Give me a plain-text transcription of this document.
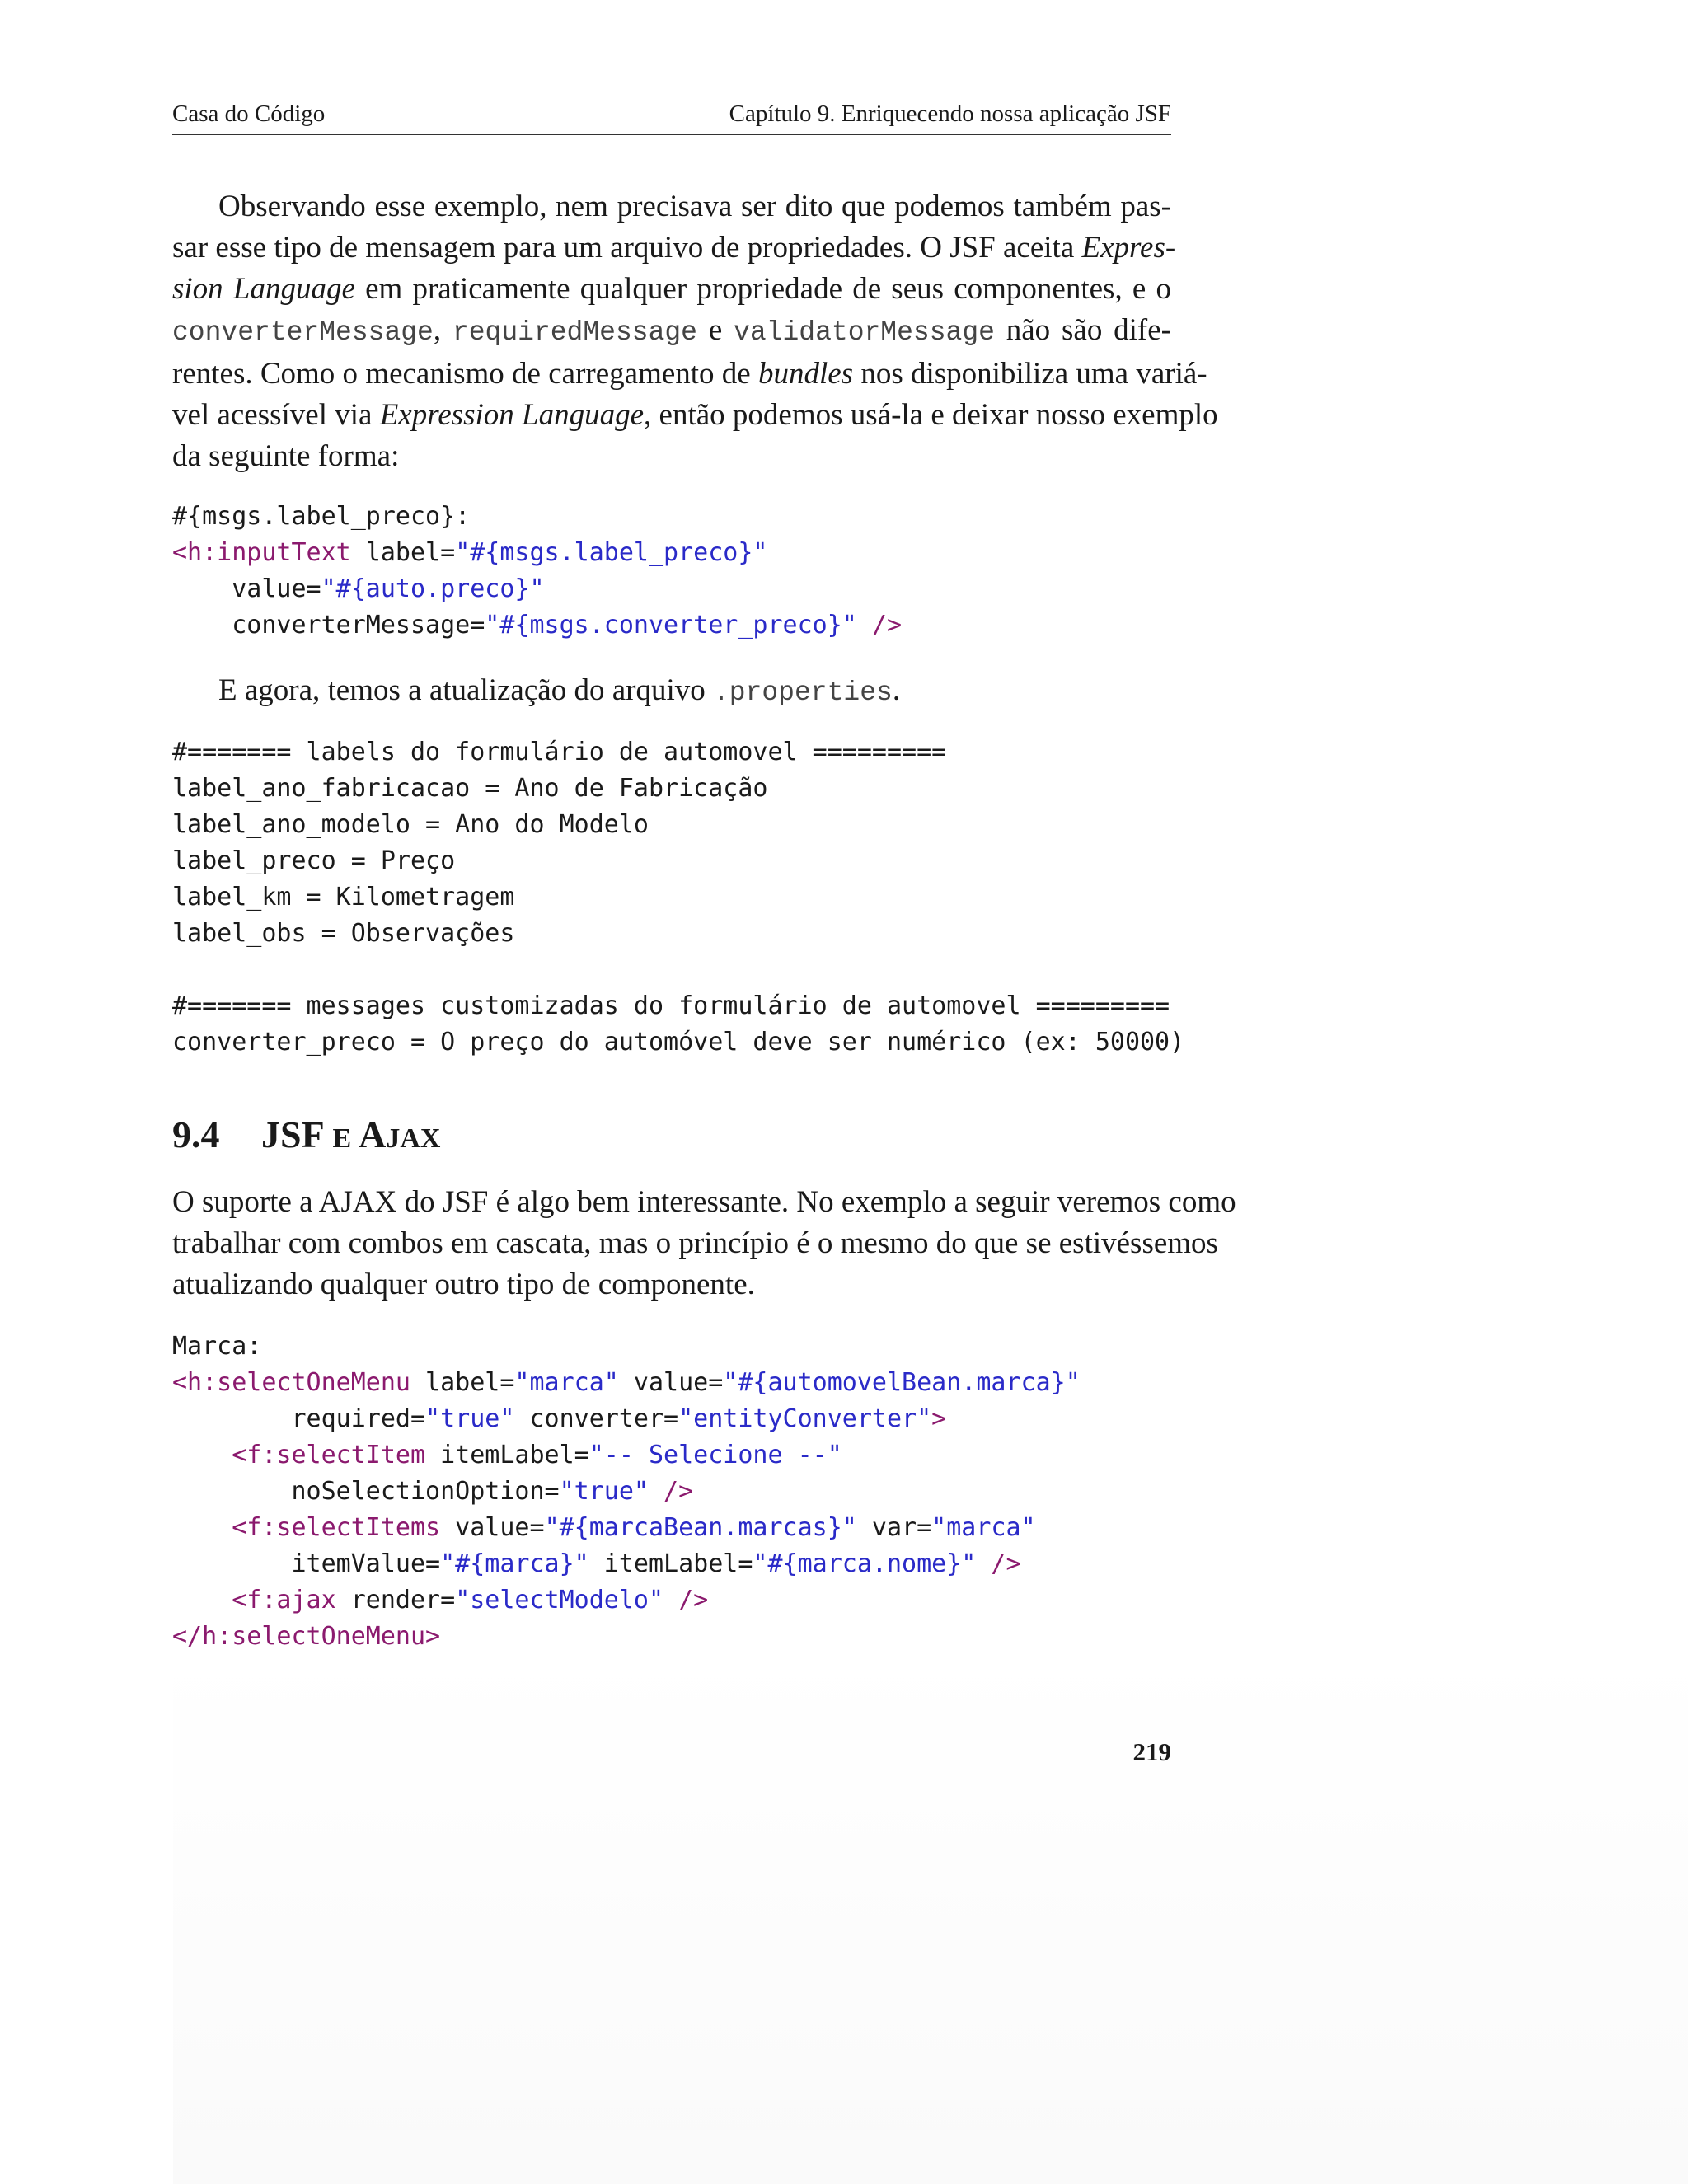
Casa do Código	Capítulo 9. Enriquecendo nossa aplicação JSF
Observando esse exemplo, nem precisava ser dito que podemos também pas-
sar esse tipo de mensagem para um arquivo de propriedades. O JSF aceita Expres-
sion Language em praticamente qualquer propriedade de seus componentes, e o
converterMessage, requiredMessage e validatorMessage não são dife-
rentes. Como o mecanismo de carregamento de bundles nos disponibiliza uma variá-
vel acessível via Expression Language, então podemos usá-la e deixar nosso exemplo
da seguinte forma:
#{msgs.label_preco}:
<h:inputText label="#{msgs.label_preco}"
value="#{auto.preco}"
converterMessage="#{msgs.converter_preco}" />
E agora, temos a atualização do arquivo .properties.
#======= labels do formulário de automovel =========
label_ano_fabricacao = Ano de Fabricação
label_ano_modelo = Ano do Modelo
label_preco = Preço
label_km = Kilometragem
label_obs = Observações

#======= messages customizadas do formulário de automovel =========
converter_preco = O preço do automóvel deve ser numérico (ex: 50000)
9.4 JSF E AJAX
O suporte a AJAX do JSF é algo bem interessante. No exemplo a seguir veremos como
trabalhar com combos em cascata, mas o princípio é o mesmo do que se estivéssemos
atualizando qualquer outro tipo de componente.
Marca:
<h:selectOneMenu label="marca" value="#{automovelBean.marca}"
required="true" converter="entityConverter">
<f:selectItem itemLabel="-- Selecione --"
noSelectionOption="true" />
<f:selectItems value="#{marcaBean.marcas}" var="marca"
itemValue="#{marca}" itemLabel="#{marca.nome}" />
<f:ajax render="selectModelo" />
</h:selectOneMenu>
219
